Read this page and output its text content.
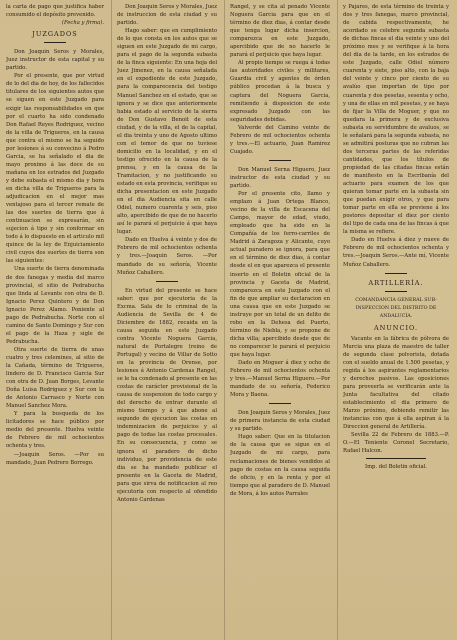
la carta de pago que justifica haber consumido el depósito prevenido.

(Fecha y firma).

JUZGADOS

Don Joaquin Seros y Morales, Juez instructor de esta capital y su partido.

Por el presente, que por virtud de lo del dia de hoy, de los fallecidos titulares de los siguientes autos que se siguen en este Juzgado para exigir las responsabilidades en que por el cuarto ha sido condenado Don Rafael Reyes Rodriguez, vecino de la villa de Trigueros, en la causa que contra el mismo se ha seguido por lesiones á su convecino á Pedro Garcia, se ha señalado el dia de mayo proximo á las doce de su mañana en los estrados del Juzgado y debe subasta el mismo dia y hora en dicha villa de Trigueros para la adjudicacion en el mejor mas ventajoso para el tercer remate de las dos suertes de tierra que á continuacion se expresarán, sin sujecion á tipo y sin conformar en todo á lo dispuesto en el articulo mil quince de la ley de Enjuiciamiento civil cuyos dos suertes de tierra son las siguientes:

Una suerte de tierra denominada de dos fanegas y media del marco provincial, el sitio de Pedrabucha que linda al Levante con otra de D. Ignacio Perez Quintero y de Don Ignacio Perez Alamo. Poniente al pago de Pedrabucha. Norte con el camino de Santo Domingo y Sur con el pago de la Haza y sigle de Pedrabucha.

Otra suerte de tierra de unas cuatro y tres celemines, al sitio de la Cañada, término de Trigueros, lindero de D. Francisco Garcia Sur con otra de D. Juan Borges, Levante Doña Luisa Rodriguez y Sur con la de Antonio Carrasco y Norte con Manuel Sanchez Mora.

Y para la busqueda de los licitadores se hace público por medio del presente. Huelva veinte de Febrero de mil ochocientos ochenta y tres.

—Joaquin Seros. —Por su mandado, Juan Pedrero Borrego.

Don Joaquin Seros y Morales, Juez de instruccion de esta ciudad y su partido.

Hago saber: que en cumplimiento de lo que consta en los autos que se siguen en este Juzgado de mi cargo, para el pago de la segunda subasta de la finca siguiente: En una hoja del Juez Jimenez, en la causa señalada en el expediente de este Juzgado, para la comparecencia del testigo Manuel Sanchez en el estado, que se ignora y se dice que anteriormente habia estado al servicio de la sierra de Don Gustavo Benoit de esta ciudad, y de la villa, el de la capital, el dia treinta y uno de Agosto ultimo con el temor de que no tuviese domicilio en la localidad, y en el testigo ofrecido en la causa de la prensa, y en la causa de la Tramitacion, y no justificando su estado en esta provincia, verifique su dicha presentacion en este Juzgado en el dia Audiencia sita en calle Odiel, numero cuarenta y seis, piso alto, apercibido de que de no hacerlo así le parará el perjuicio á que haya lugar.

Dado en Huelva á veinte y dos de Febrero de mil ochocientos ochenta y tres.—Joaquin Seros. —Por mandado de su señoría, Vicente Muñoz Caballero.

En virtud del presente se hace saber: que por ejecutoria de la Excma. Sala de lo criminal de la Audiencia de Sevilla de 4 de Diciembre de 1882, recaida en la causa seguida en este Juzgado contra Vicente Noguera Garcia, natural de Portalegre (reino de Portugal) y vecino de Villar de Sotto en la provincia de Orense, por lesiones á Antonio Cardenas Rangel, se le ha condenado al presente en las costas de carácter provisional de la causa de suspension de todo cargo y del derecho de entrar durante el mismo tiempo y á que abone al segundo de ejecucion las costas en indemnizacion de perjuicios y al pago de todas las costas procesales. En su consecuencia, y como se ignora el paradero de dicho individuo, por providencia de este dia se ha mandado publicar el presente en la Gaceta de Madrid, para que sirva de notificacion al reo ejecutoria con respecto al ofendido Antonio Cardenas

Rangel, y se cita al penado Vicente Noguera Garcia para que en el término de diez dias, á contar desde que tenga lugar dicha insercion, comparezca en este Juzgado, apercibido que de no hacerlo le parará el perjuicio que haya lugar.

Al propio tiempo se ruega á todas las autoridades civiles y militares, Guardia civil y agentes de órden público procedan á la busca y captura del Noguera Garcia, remitiendo á disposicion de este expresado Juzgado con las seguridades debidas.

Valverde del Camino veinte de Febrero de mil ochocientos ochenta y tres.—El actuario, Juan Ramirez Cuajado.

Don Manuel Serna Higuero, Juez instructor de esta ciudad y su partido.

Por el presente cito, llamo y emplazo á Juan Ortega Blanco, vecino de la villa de Escacena del Campo, mayor de edad, viudo, empleado que ha sido en la Compañía de los ferro-carriles de Madrid á Zaragoza y Alicante, cuyo actual paradero se ignora, para que en el término de diez dias, á contar desde el en que aparezca el presente inserto en el Boletin oficial de la provincia y Gaceta de Madrid, comparezca en este Juzgado con el fin de que ampliar su declaracion en una causa que en este Juzgado se instruye por un total de un delito de robo en la Dehesa del Puerto, término de Niebla, y se propone de dicha villa; apercibido desde que de no comparecer le parará el perjuicio que haya lugar.

Dado en Moguer á diez y ocho de Febrero de mil ochocientos ochenta y tres.—Manuel Serna Higuero.—Por mandado de su señoría, Federico Mora y Baena.

Don Joaquin Seros y Morales, Juez de primera instancia de esta ciudad y su partido.

Hago saber: Que en la titulacion de la causa que se sigue en el Juzgado de mi cargo, para reclamaciones de bienes vendidos al pago de costas en la causa seguida de oficio, y en la renta y por el tiempo que al paradero de D. Manuel de Mora, á los autos Parrales

y Pajares, de esta término de treinta y dos y tres fanegas, marco provincial, de cabida respectivamente, he acordado se celebre segunda subasta de dichas fincas el dia veinte y uno del próximo mes y se verifique á la hora del dia de la tarde, en los estrados de este Juzgado, calle Odiel número cuarenta y siete, piso alto, con la baja del veinte y cinco por ciento de su avalúo que importan de tipo por cuarenta y dos pesetas, sesenta y ocho, y una de ellas en mil pesetas, y se haya de fijar la Villa de Moguer, y que no quedara la primera y de exclusiva subasta su servidumbre de avaluos, se le señalará para la segunda subasta, no se admitirá posturas que no cubran las dos terceras partes de las referidas cantidades, que los títulos de propiedad de las citadas fincas están de manifiesto en la Escribanía del actuario para examen de los que quieran tomar parte en la subasta sin que puedan exigir otros, y que para tomar parte en ella se previene á los postores depositar el diez por ciento del tipo de cada una de las fincas á que la misma se refiere.

Dado en Huelva á diez y nueve de Febrero de mil ochocientos ochenta y tres.—Joaquin Seros.—Ante mí, Vicente Muñoz Caballero.

ARTILLERÍA.

COMANDANCIA GENERAL SUB-INSPECCION DEL DISTRITO DE ANDALUCÍA.

ANUNCIO.

Vacante en la fábrica de pólvora de Murcia una plaza de maestro de taller de segunda clase polvorista, dotada con el sueldo anual de 1.500 pesetas, y regida á los aspirantes reglamentarios y derechos pasivos. Las oposiciones para proveerla se verificarán ante la Junta facultativa del citado establecimiento el dia primero de Marzo próximo, debiendo remitir las instancias con que á ella aspiran á la Direccion general de Artillería.

Sevilla 22 de Febrero de 1883.—P. O.—El Teniente Coronel Secretario, Rafael Halcon.

Imp. del Boletin oficial.
